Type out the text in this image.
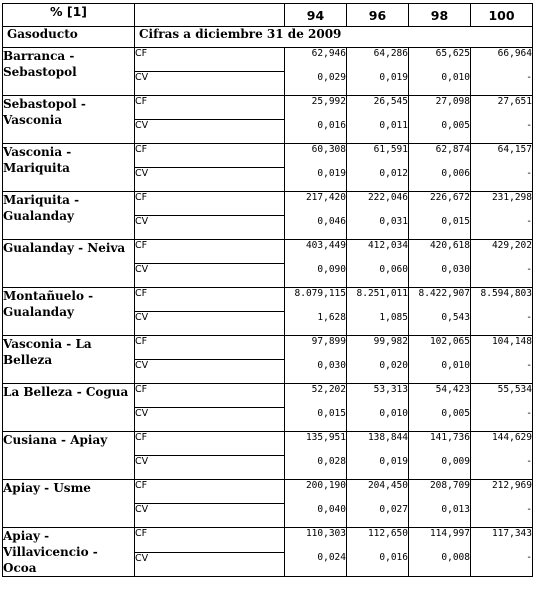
% [1]		94	96	98	100
Gasoducto	Cifras a diciembre 31 de 2009				
Barranca - Sebastopol	CF	62,946	64,286	65,625	66,964
	CV	0,029	0,019	0,010	-
Sebastopol - Vasconia	CF	25,992	26,545	27,098	27,651
	CV	0,016	0,011	0,005	-
Vasconia - Mariquita	CF	60,308	61,591	62,874	64,157
	CV	0,019	0,012	0,006	-
Mariquita - Gualanday	CF	217,420	222,046	226,672	231,298
	CV	0,046	0,031	0,015	-
Gualanday - Neiva	CF	403,449	412,034	420,618	429,202
	CV	0,090	0,060	0,030	-
Montañuelo - Gualanday	CF	8.079,115	8.251,011	8.422,907	8.594,803
	CV	1,628	1,085	0,543	-
Vasconia - La Belleza	CF	97,899	99,982	102,065	104,148
	CV	0,030	0,020	0,010	-
La Belleza - Cogua	CF	52,202	53,313	54,423	55,534
	CV	0,015	0,010	0,005	-
Cusiana - Apiay	CF	135,951	138,844	141,736	144,629
	CV	0,028	0,019	0,009	-
Apiay - Usme	CF	200,190	204,450	208,709	212,969
	CV	0,040	0,027	0,013	-
Apiay - Villavicencio - Ocoa	CF	110,303	112,650	114,997	117,343
	CV	0,024	0,016	0,008	-
